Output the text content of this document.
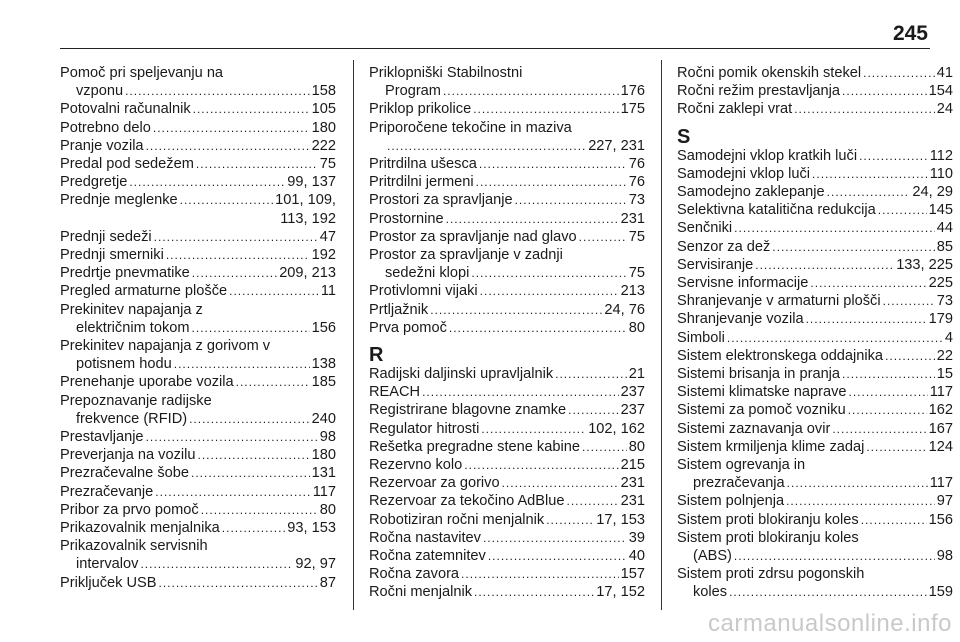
245
Pomoč pri speljevanju na
vzponu .....	158
Potovalni računalnik .....	105
Potrebno delo .....	180
Pranje vozila .....	222
Predal pod sedežem .....	75
Predgretje .....	99, 137
Prednje meglenke .....	101, 109,
113, 192
Prednji sedeži .....	47
Prednji smerniki .....	192
Predrtje pnevmatike .....	209, 213
Pregled armaturne plošče .....	11
Prekinitev napajanja z
električnim tokom .....	156
Prekinitev napajanja z gorivom v
potisnem hodu .....	138
Prenehanje uporabe vozila .....	185
Prepoznavanje radijske
frekvence (RFID) .....	240
Prestavljanje .....	98
Preverjanja na vozilu .....	180
Prezračevalne šobe .....	131
Prezračevanje .....	117
Pribor za prvo pomoč .....	80
Prikazovalnik menjalnika .....	93, 153
Prikazovalnik servisnih
intervalov .....	92, 97
Priključek USB .....	87
Priklopniški Stabilnostni
Program .....	176
Priklop prikolice .....	175
Priporočene tekočine in maziva
.....
227, 231
Pritrdilna ušesca .....	76
Pritrdilni jermeni .....	76
Prostori za spravljanje .....	73
Prostornine .....	231
Prostor za spravljanje nad glavo .....	75
Prostor za spravljanje v zadnji
sedežni klopi .....	75
Protivlomni vijaki .....	213
Prtljažnik .....	24, 76
Prva pomoč .....	80
R
Radijski daljinski upravljalnik .....	21
REACH .....	237
Registrirane blagovne znamke .....	237
Regulator hitrosti .....	102, 162
Rešetka pregradne stene kabine .....	80
Rezervno kolo .....	215
Rezervoar za gorivo .....	231
Rezervoar za tekočino AdBlue .....	231
Robotiziran ročni menjalnik .....	17, 153
Ročna nastavitev .....	39
Ročna zatemnitev .....	40
Ročna zavora .....	157
Ročni menjalnik .....	17, 152
Ročni pomik okenskih stekel .....	41
Ročni režim prestavljanja .....	154
Ročni zaklepi vrat .....	24
S
Samodejni vklop kratkih luči .....	112
Samodejni vklop luči .....	110
Samodejno zaklepanje .....	24, 29
Selektivna katalitična redukcija .....	145
Senčniki .....	44
Senzor za dež .....	85
Servisiranje .....	133, 225
Servisne informacije .....	225
Shranjevanje v armaturni plošči .....	73
Shranjevanje vozila .....	179
Simboli .....	4
Sistem elektronskega oddajnika .....	22
Sistemi brisanja in pranja .....	15
Sistemi klimatske naprave .....	117
Sistemi za pomoč vozniku .....	162
Sistemi zaznavanja ovir .....	167
Sistem krmiljenja klime zadaj .....	124
Sistem ogrevanja in
prezračevanja .....	117
Sistem polnjenja .....	97
Sistem proti blokiranju koles .....	156
Sistem proti blokiranju koles
(ABS) .....	98
Sistem proti zdrsu pogonskih
koles .....	159
carmanualsonline.info
